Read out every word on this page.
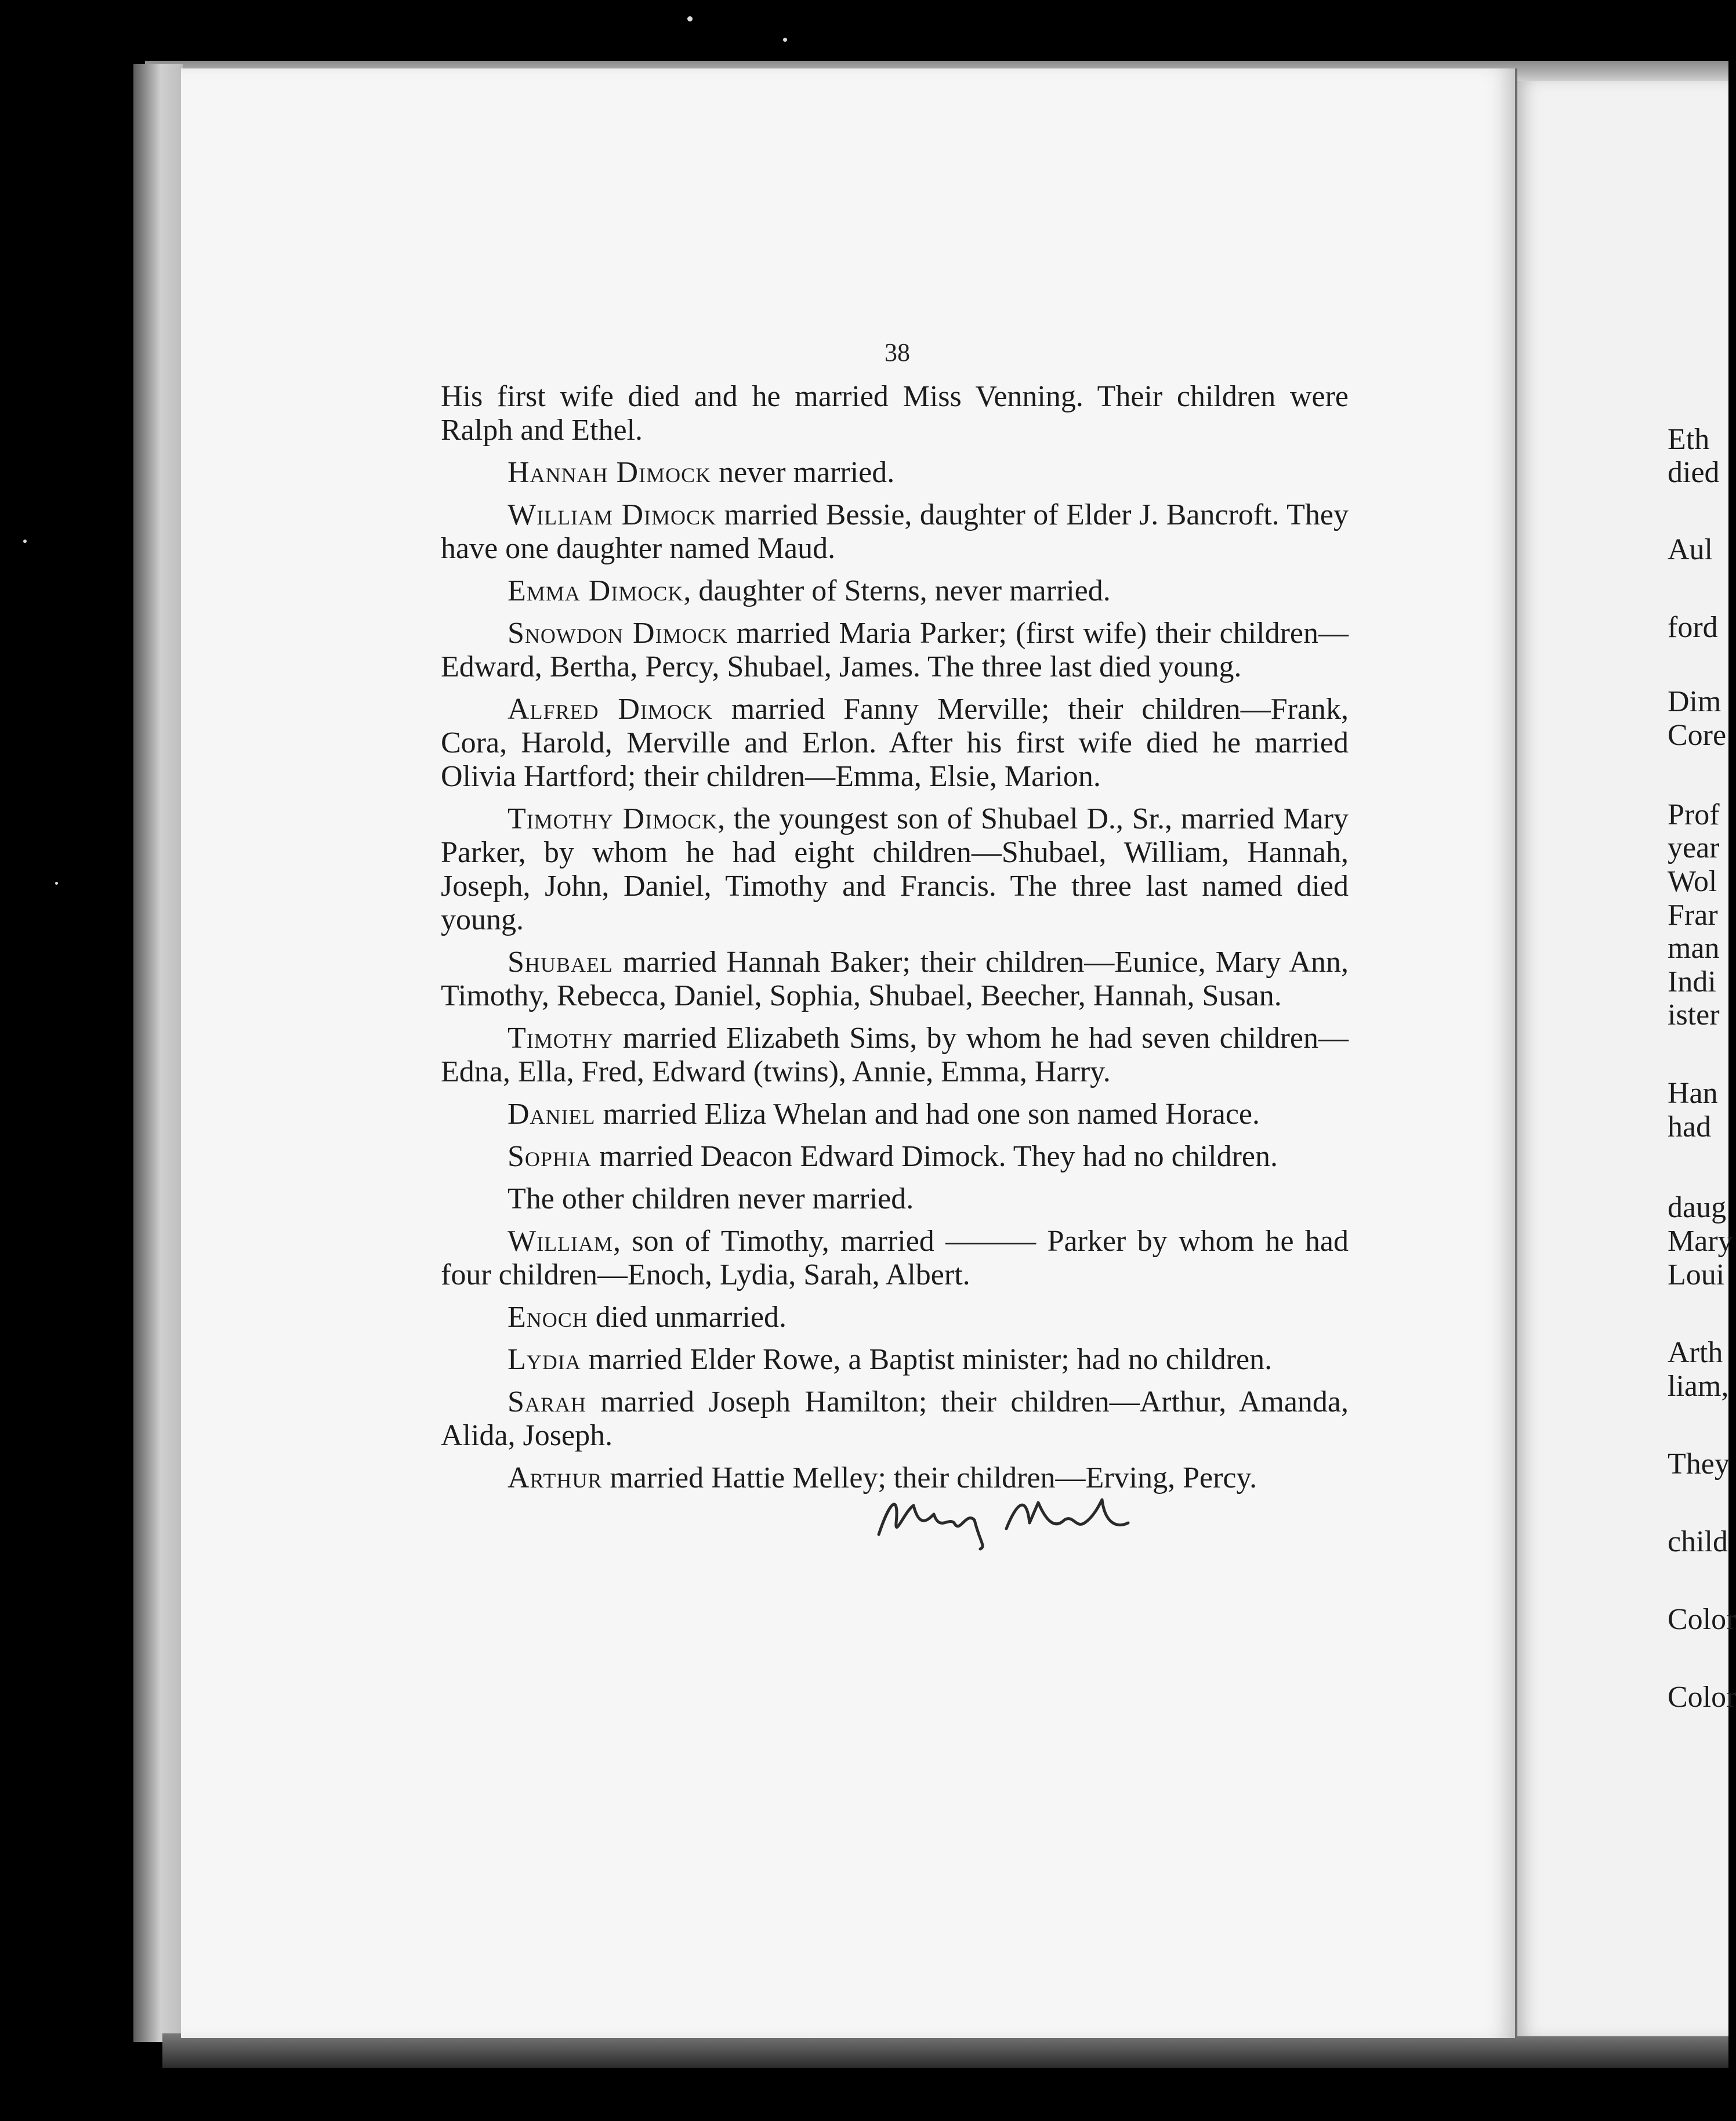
38

His first wife died and he married Miss Venning. Their children were Ralph and Ethel.

Hannah Dimock never married.

William Dimock married Bessie, daughter of Elder J. Bancroft. They have one daughter named Maud.

Emma Dimock, daughter of Sterns, never married.

Snowdon Dimock married Maria Parker; (first wife) their children—Edward, Bertha, Percy, Shubael, James. The three last died young.

Alfred Dimock married Fanny Merville; their children—Frank, Cora, Harold, Merville and Erlon. After his first wife died he married Olivia Hartford; their children—Emma, Elsie, Marion.

Timothy Dimock, the youngest son of Shubael D., Sr., married Mary Parker, by whom he had eight children—Shubael, William, Hannah, Joseph, John, Daniel, Timothy and Francis. The three last named died young.

Shubael married Hannah Baker; their children—Eunice, Mary Ann, Timothy, Rebecca, Daniel, Sophia, Shubael, Beecher, Hannah, Susan.

Timothy married Elizabeth Sims, by whom he had seven children—Edna, Ella, Fred, Edward (twins), Annie, Emma, Harry.

Daniel married Eliza Whelan and had one son named Horace.

Sophia married Deacon Edward Dimock. They had no children.

The other children never married.

William, son of Timothy, married ——— Parker by whom he had four children—Enoch, Lydia, Sarah, Albert.

Enoch died unmarried.

Lydia married Elder Rowe, a Baptist minister; had no children.

Sarah married Joseph Hamilton; their children—Arthur, Amanda, Alida, Joseph.

Arthur married Hattie Melley; their children—Erving, Percy.

Eth
died
Aul
ford
Dim
Core
Prof
year
Wol
Frar
man
Indi
ister
Han
had
daug
Mary
Loui
Arth
liam,
They
child
Color
Color
